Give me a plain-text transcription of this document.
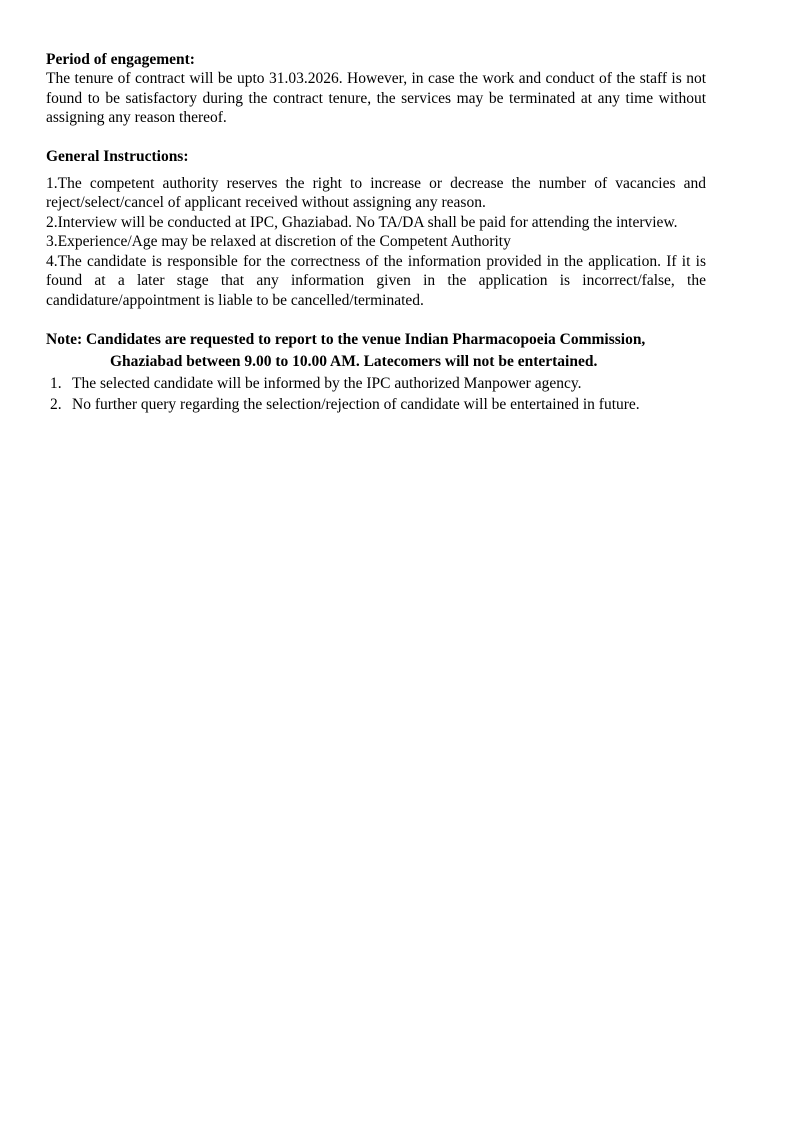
Period of engagement:

The tenure of contract will be upto 31.03.2026. However, in case the work and conduct of the staff is not found to be satisfactory during the contract tenure, the services may be terminated at any time without assigning any reason thereof.

General Instructions:

1.The competent authority reserves the right to increase or decrease the number of vacancies and reject/select/cancel of applicant received without assigning any reason.

2.Interview will be conducted at IPC, Ghaziabad. No TA/DA shall be paid for attending the interview.

3.Experience/Age may be relaxed at discretion of the Competent Authority

4.The candidate is responsible for the correctness of the information provided in the application. If it is found at a later stage that any information given in the application is incorrect/false, the candidature/appointment is liable to be cancelled/terminated.

Note: Candidates are requested to report to the venue Indian Pharmacopoeia Commission,
Ghaziabad between 9.00 to 10.00 AM. Latecomers will not be entertained.

1. The selected candidate will be informed by the IPC authorized Manpower agency.

2. No further query regarding the selection/rejection of candidate will be entertained in future.
